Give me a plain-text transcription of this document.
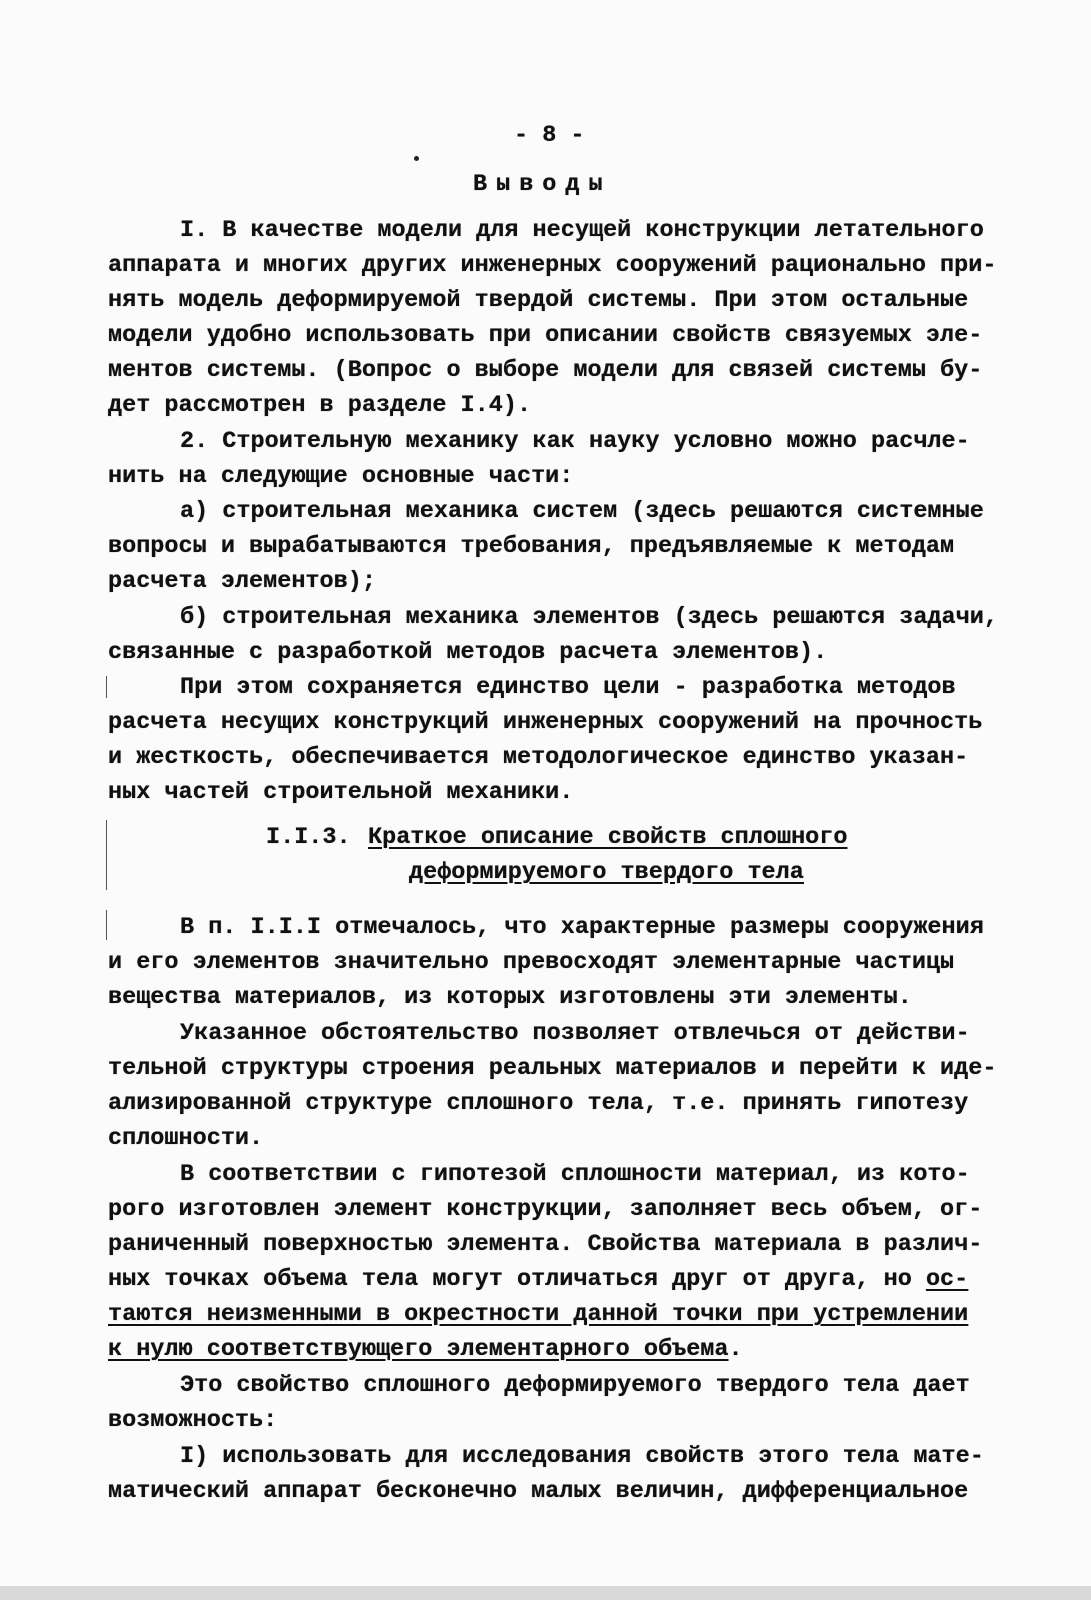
- 8 -
Выводы
I. В качестве модели для несущей конструкции летательного
аппарата и многих других инженерных сооружений рационально при-
нять модель деформируемой твердой системы. При этом остальные
модели удобно использовать при описании свойств связуемых эле-
ментов системы. (Вопрос о выборе модели для связей системы бу-
дет рассмотрен в разделе I.4).
2. Строительную механику как науку условно можно расчле-
нить на следующие основные части:
а) строительная механика систем (здесь решаются системные
вопросы и вырабатываются требования, предъявляемые к методам
расчета элементов);
б) строительная механика элементов (здесь решаются задачи,
связанные с разработкой методов расчета элементов).
При этом сохраняется единство цели - разработка методов
расчета несущих конструкций инженерных сооружений на прочность
и жесткость, обеспечивается методологическое единство указан-
ных частей строительной механики.
I.I.3. Краткое описание свойств сплошного
деформируемого твердого тела
В п. I.I.I отмечалось, что характерные размеры сооружения
и его элементов значительно превосходят элементарные частицы
вещества материалов, из которых изготовлены эти элементы.
Указанное обстоятельство позволяет отвлечься от действи-
тельной структуры строения реальных материалов и перейти к иде-
ализированной структуре сплошного тела, т.е. принять гипотезу
сплошности.
В соответствии с гипотезой сплошности материал, из кото-
рого изготовлен элемент конструкции, заполняет весь объем, ог-
раниченный поверхностью элемента. Свойства материала в различ-
ных точках объема тела могут отличаться друг от друга, но ос-
таются неизменными в окрестности данной точки при устремлении
к нулю соответствующего элементарного объема.
Это свойство сплошного деформируемого твердого тела дает
возможность:
I) использовать для исследования свойств этого тела мате-
матический аппарат бесконечно малых величин, дифференциальное
